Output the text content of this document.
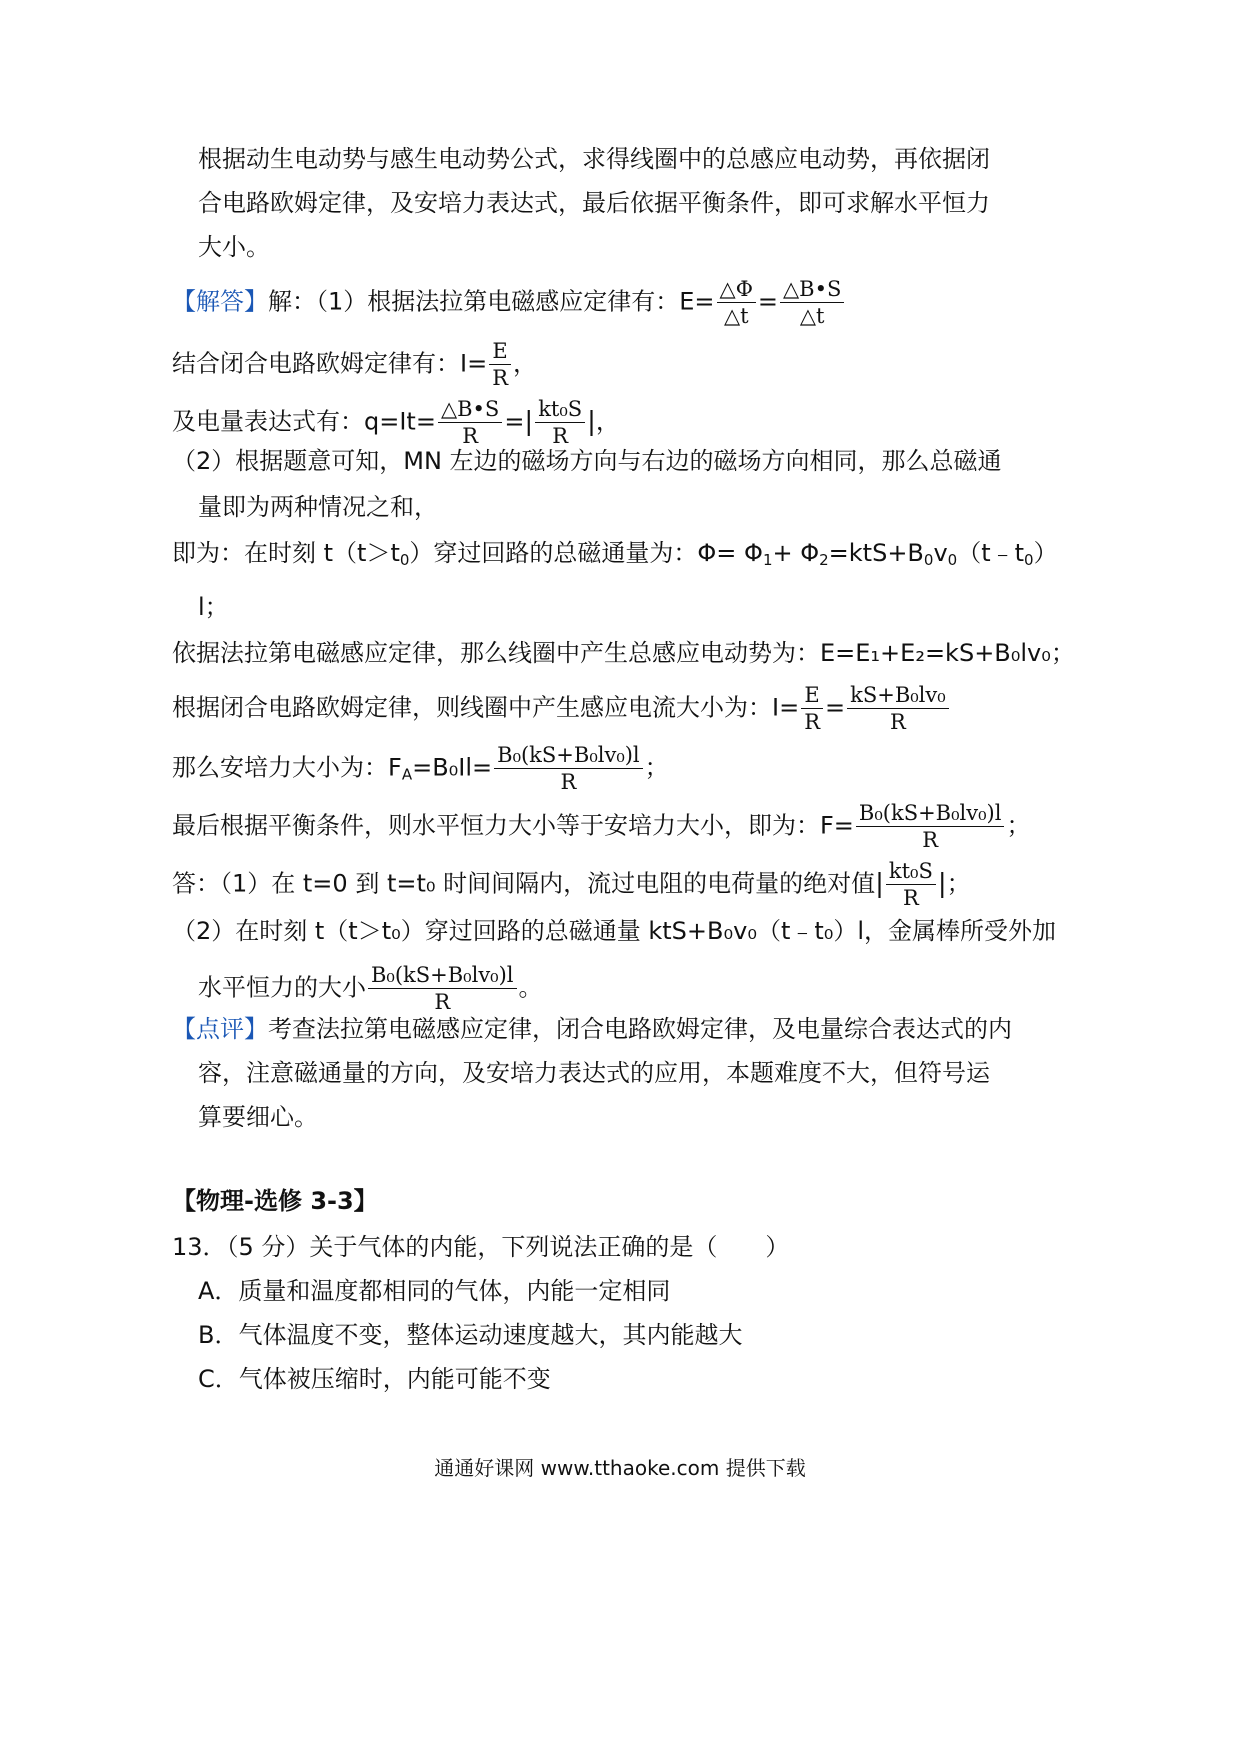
根据动生电动势与感生电动势公式，求得线圈中的总感应电动势，再依据闭
合电路欧姆定律，及安培力表达式，最后依据平衡条件，即可求解水平恒力
大小。
【解答】解：（1）根据法拉第电磁感应定律有：$E= \frac{\triangle\Phi}{\triangle t} = \frac{\triangle B•S}{\triangle t}$
结合闭合电路欧姆定律有：$I= \frac{E}{R}$ ，
及电量表达式有：$q=It= \frac{\triangle B•S}{R}$ =| $\frac{\text{kt₀S}}{R}$ |，
（2）根据题意可知，MN 左边的磁场方向与右边的磁场方向相同，那么总磁通
量即为两种情况之和，
即为：在时刻 $t(t>t_0)$穿过回路的总磁通量为：$\Phi= \Phi_1+$ $\Phi_2=ktS+B_0v_0(t﹣t_0)$
l；
依据法拉第电磁感应定律，那么线圈中产生总感应电动势为：E=E₁+E₂=kS+B₀lv₀；
根据闭合电路欧姆定律，则线圈中产生感应电流大小为：$I= \frac{E}{R} = \frac{\text{kS+B₀lv₀}}{R}$
那么安培力大小为：$F_A=B_0Il= \frac{\text{B₀(kS+B₀lv₀)l}}{R}$ ；
最后根据平衡条件，则水平恒力大小等于安培力大小，即为：$F= \frac{\text{B₀(kS+B₀lv₀)l}}{R}$ ；
答：（1）在 t=0 到 t=t₀ 时间间隔内，流过电阻的电荷量的绝对值| $\frac{\text{kt₀S}}{R}$ |；
（2）在时刻 t（t＞t₀）穿过回路的总磁通量 ktS+B₀v₀（t﹣t₀）l，金属棒所受外加
水平恒力的大小 $\frac{\text{B₀(kS+B₀lv₀)l}}{R}$ 。
【点评】考查法拉第电磁感应定律，闭合电路欧姆定律，及电量综合表达式的内
容，注意磁通量的方向，及安培力表达式的应用，本题难度不大，但符号运
算要细心。
【物理-选修 3-3】
13．（5 分）关于气体的内能，下列说法正确的是（　　）
A．质量和温度都相同的气体，内能一定相同
B．气体温度不变，整体运动速度越大，其内能越大
C．气体被压缩时，内能可能不变
通通好课网 www.tthaoke.com 提供下载
